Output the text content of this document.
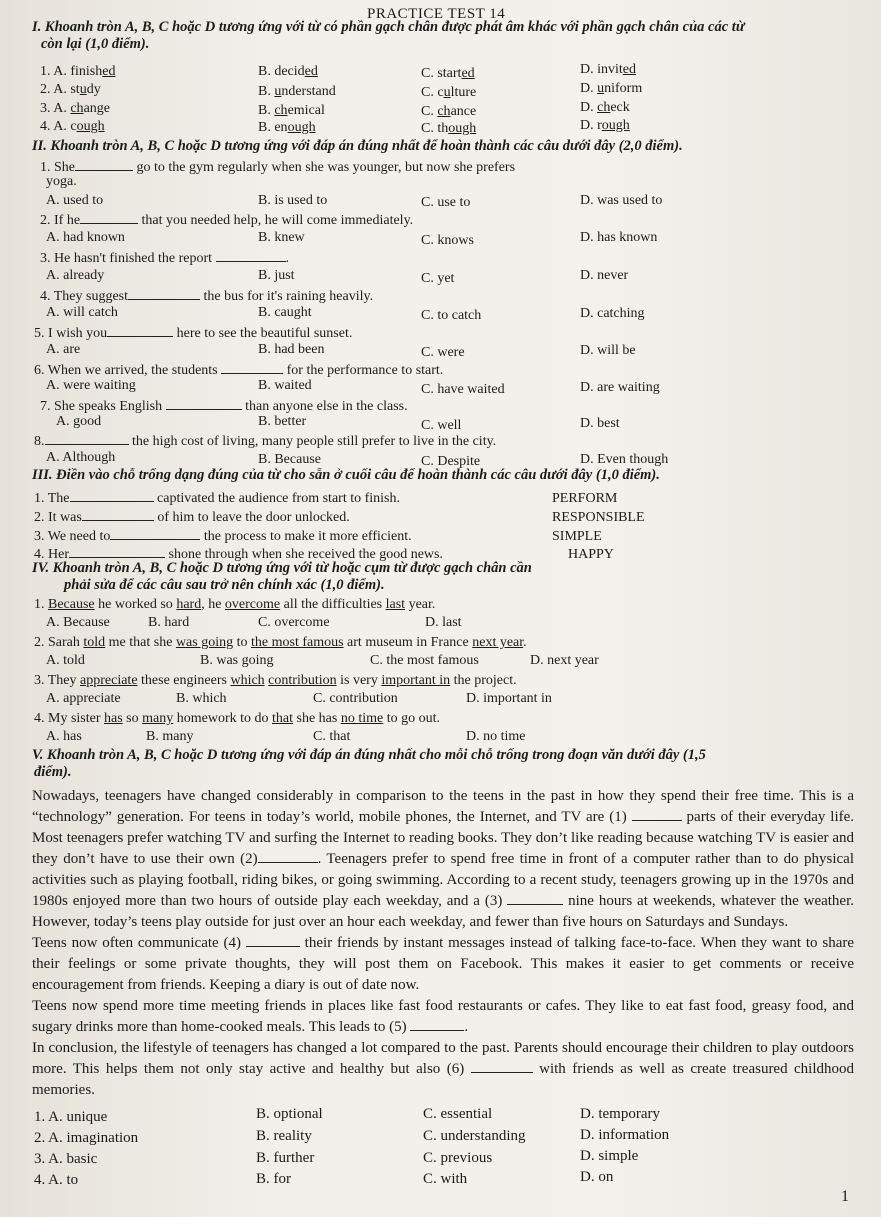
PRACTICE TEST 14
I. Khoanh tròn A, B, C hoặc D tương ứng với từ có phần gạch chân được phát âm khác với phần gạch chân của các từ
còn lại (1,0 điểm).
1. A. finished	B. decided	C. started	D. invited
2. A. study	B. understand	C. culture	D. uniform
3. A. change	B. chemical	C. chance	D. check
4. A. cough	B. enough	C. though	D. rough
II. Khoanh tròn A, B, C hoặc D tương ứng với đáp án đúng nhất để hoàn thành các câu dưới đây (2,0 điểm).
1. She	go to the gym regularly when she was younger, but now she prefers
yoga.
A. used to	B. is used to	C. use to	D. was used to
2. If he	that you needed help, he will come immediately.
A. had known	B. knew	C. knows	D. has known
3. He hasn't finished the report	.
A. already	B. just	C. yet	D. never
4. They suggest	the bus for it's raining heavily.
A. will catch	B. caught	C. to catch	D. catching
5. I wish you	here to see the beautiful sunset.
A. are	B. had been	C. were	D. will be
6. When we arrived, the students	for the performance to start.
A. were waiting	B. waited	C. have waited	D. are waiting
7. She speaks English	than anyone else in the class.
A. good	B. better	C. well	D. best
8.	the high cost of living, many people still prefer to live in the city.
A. Although	B. Because	C. Despite	D. Even though
III. Điền vào chỗ trống dạng đúng của từ cho sẵn ở cuối câu để hoàn thành các câu dưới đây (1,0 điểm).
1. The	captivated the audience from start to finish.	PERFORM
2. It was	of him to leave the door unlocked.	RESPONSIBLE
3. We need to	the process to make it more efficient.	SIMPLE
4. Her	shone through when she received the good news.	HAPPY
IV. Khoanh tròn A, B, C hoặc D tương ứng với từ hoặc cụm từ được gạch chân cần
phải sửa để các câu sau trở nên chính xác (1,0 điểm).
1. Because he worked so hard, he overcome all the difficulties last year.
A. Because	B. hard	C. overcome	D. last
2. Sarah told me that she was going to the most famous art museum in France next year.
A. told	B. was going	C. the most famous	D. next year
3. They appreciate these engineers which contribution is very important in the project.
A. appreciate	B. which	C. contribution	D. important in
4. My sister has so many homework to do that she has no time to go out.
A. has	B. many	C. that	D. no time
V. Khoanh tròn A, B, C hoặc D tương ứng với đáp án đúng nhất cho mỗi chỗ trống trong đoạn văn dưới đây (1,5
điểm).

Nowadays, teenagers have changed considerably in comparison to the teens in the past in how they spend their free time. This is a “technology” generation. For teens in today’s world, mobile phones, the Internet, and TV are (1)	parts of their everyday life. Most teenagers prefer watching TV and surfing the Internet to reading books. They don’t like reading because watching TV is easier and they don’t have to use their own (2)	. Teenagers prefer to spend free time in front of a computer rather than to do physical activities such as playing football, riding bikes, or going swimming. According to a recent study, teenagers growing up in the 1970s and 1980s enjoyed more than two hours of outside play each weekday, and a (3)	nine hours at weekends, whatever the weather. However, today’s teens play outside for just over an hour each weekday, and fewer than five hours on Saturdays and Sundays.

Teens now often communicate (4)	their friends by instant messages instead of talking face-to-face. When they want to share their feelings or some private thoughts, they will post them on Facebook. This makes it easier to get comments or receive encouragement from friends. Keeping a diary is out of date now.

Teens now spend more time meeting friends in places like fast food restaurants or cafes. They like to eat fast food, greasy food, and sugary drinks more than home-cooked meals. This leads to (5)	.

In conclusion, the lifestyle of teenagers has changed a lot compared to the past. Parents should encourage their children to play outdoors more. This helps them not only stay active and healthy but also (6)	with friends as well as create treasured childhood memories.

1. A. unique	B. optional	C. essential	D. temporary
2. A. imagination	B. reality	C. understanding	D. information
3. A. basic	B. further	C. previous	D. simple
4. A. to	B. for	C. with	D. on
1
